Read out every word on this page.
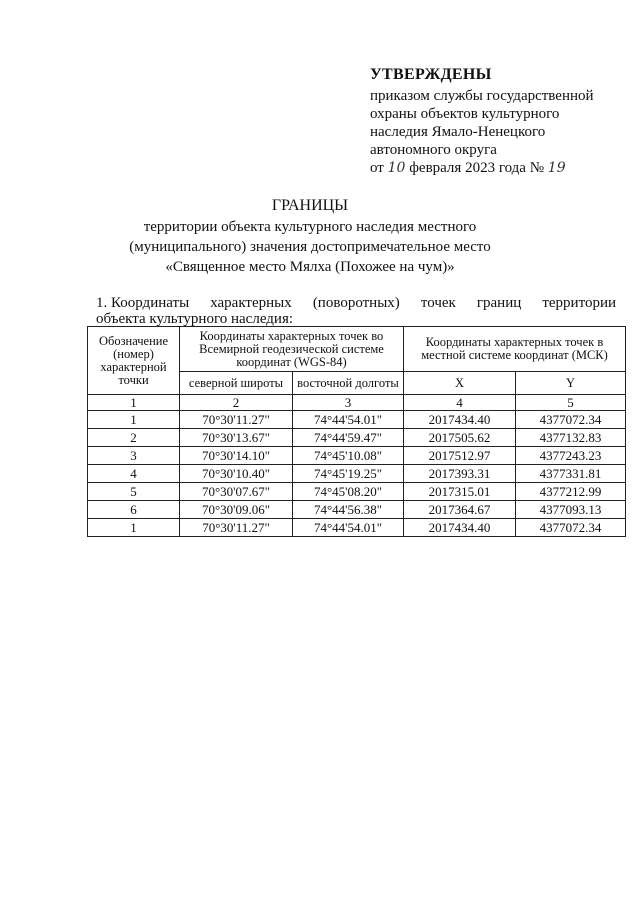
УТВЕРЖДЕНЫ
приказом службы государственной
охраны объектов культурного
наследия Ямало-Ненецкого
автономного округа
от 10 февраля 2023 года № 19
ГРАНИЦЫ
территории объекта культурного наследия местного
(муниципального) значения достопримечательное место
«Священное место Мялха (Похожее на чум)»
1. Координаты характерных (поворотных) точек границ территории
объекта культурного наследия:
Обозначение (номер) характерной точки	Координаты характерных точек во Всемирной геодезической системе координат (WGS-84)		Координаты характерных точек в местной системе координат (МСК)	
	северной широты	восточной долготы	X	Y
1	2	3	4	5
1	70°30'11.27"	74°44'54.01"	2017434.40	4377072.34
2	70°30'13.67"	74°44'59.47"	2017505.62	4377132.83
3	70°30'14.10"	74°45'10.08"	2017512.97	4377243.23
4	70°30'10.40"	74°45'19.25"	2017393.31	4377331.81
5	70°30'07.67"	74°45'08.20"	2017315.01	4377212.99
6	70°30'09.06"	74°44'56.38"	2017364.67	4377093.13
1	70°30'11.27"	74°44'54.01"	2017434.40	4377072.34
